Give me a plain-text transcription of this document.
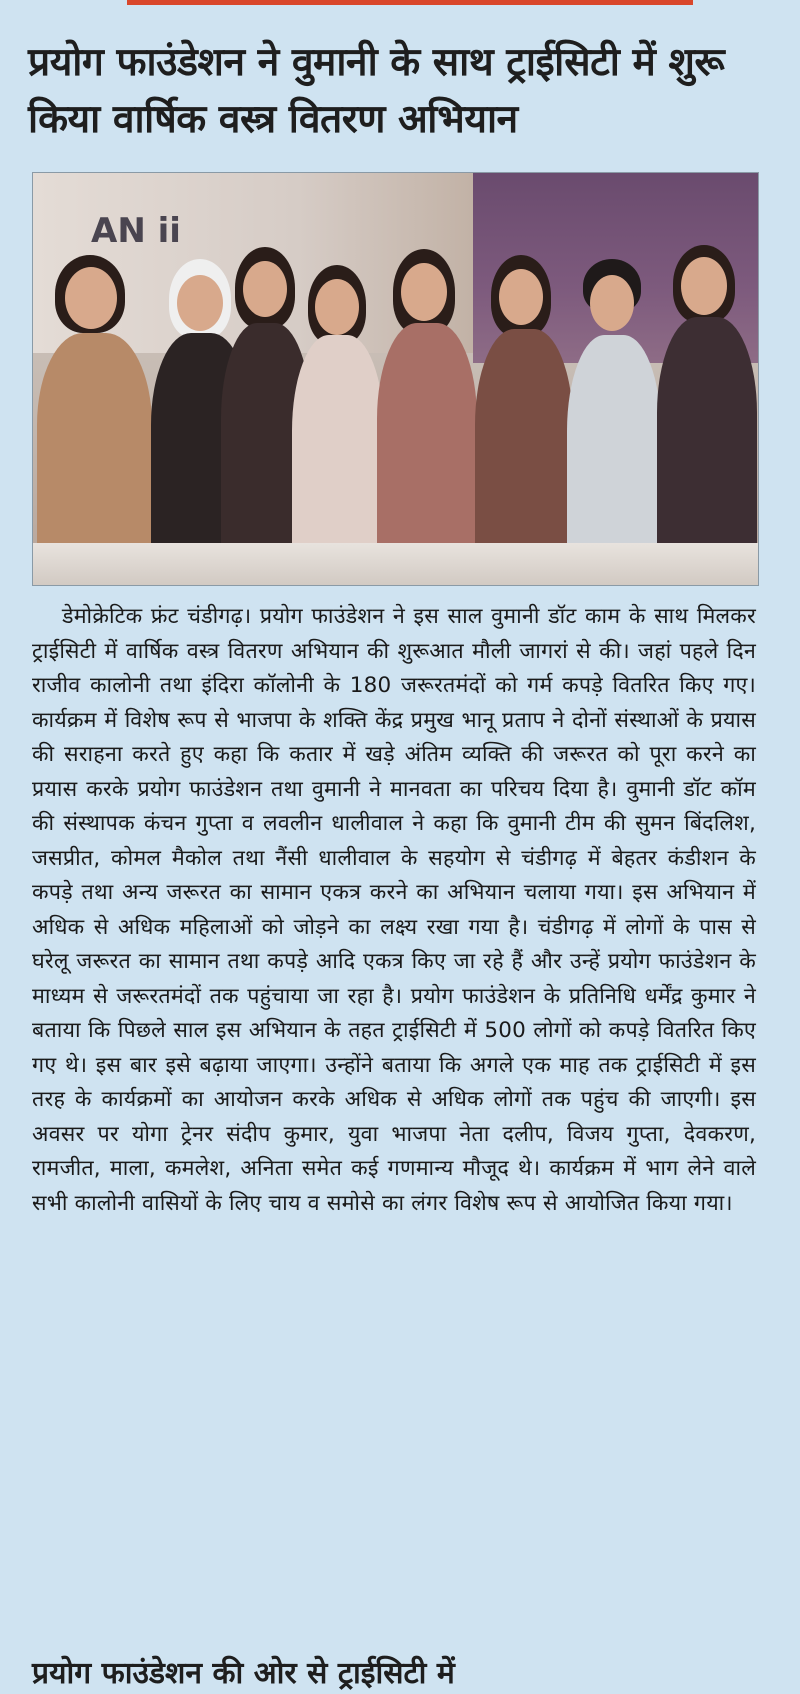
प्रयोग फाउंडेशन ने वुमानी के साथ ट्राईसिटी में शुरू किया वार्षिक वस्त्र वितरण अभियान
AN ii

डेमोक्रेटिक फ्रंट चंडीगढ़। प्रयोग फाउंडेशन ने इस साल वुमानी डॉट काम के साथ मिलकर ट्राईसिटी में वार्षिक वस्त्र वितरण अभियान की शुरूआत मौली जागरां से की। जहां पहले दिन राजीव कालोनी तथा इंदिरा कॉलोनी के 180 जरूरतमंदों को गर्म कपड़े वितरित किए गए। कार्यक्रम में विशेष रूप से भाजपा के शक्ति केंद्र प्रमुख भानू प्रताप ने दोनों संस्थाओं के प्रयास की सराहना करते हुए कहा कि कतार में खड़े अंतिम व्यक्ति की जरूरत को पूरा करने का प्रयास करके प्रयोग फाउंडेशन तथा वुमानी ने मानवता का परिचय दिया है। वुमानी डॉट कॉम की संस्थापक कंचन गुप्ता व लवलीन धालीवाल ने कहा कि वुमानी टीम की सुमन बिंदलिश, जसप्रीत, कोमल मैकोल तथा नैंसी धालीवाल के सहयोग से चंडीगढ़ में बेहतर कंडीशन के कपड़े तथा अन्य जरूरत का सामान एकत्र करने का अभियान चलाया गया। इस अभियान में अधिक से अधिक महिलाओं को जोड़ने का लक्ष्य रखा गया है। चंडीगढ़ में लोगों के पास से घरेलू जरूरत का सामान तथा कपड़े आदि एकत्र किए जा रहे हैं और उन्हें प्रयोग फाउंडेशन के माध्यम से जरूरतमंदों तक पहुंचाया जा रहा है। प्रयोग फाउंडेशन के प्रतिनिधि धर्मेंद्र कुमार ने बताया कि पिछले साल इस अभियान के तहत ट्राईसिटी में 500 लोगों को कपड़े वितरित किए गए थे। इस बार इसे बढ़ाया जाएगा। उन्होंने बताया कि अगले एक माह तक ट्राईसिटी में इस तरह के कार्यक्रमों का आयोजन करके अधिक से अधिक लोगों तक पहुंच की जाएगी। इस अवसर पर योगा ट्रेनर संदीप कुमार, युवा भाजपा नेता दलीप, विजय गुप्ता, देवकरण, रामजीत, माला, कमलेश, अनिता समेत कई गणमान्य मौजूद थे। कार्यक्रम में भाग लेने वाले सभी कालोनी वासियों के लिए चाय व समोसे का लंगर विशेष रूप से आयोजित किया गया।

प्रयोग फाउंडेशन की ओर से ट्राईसिटी में
